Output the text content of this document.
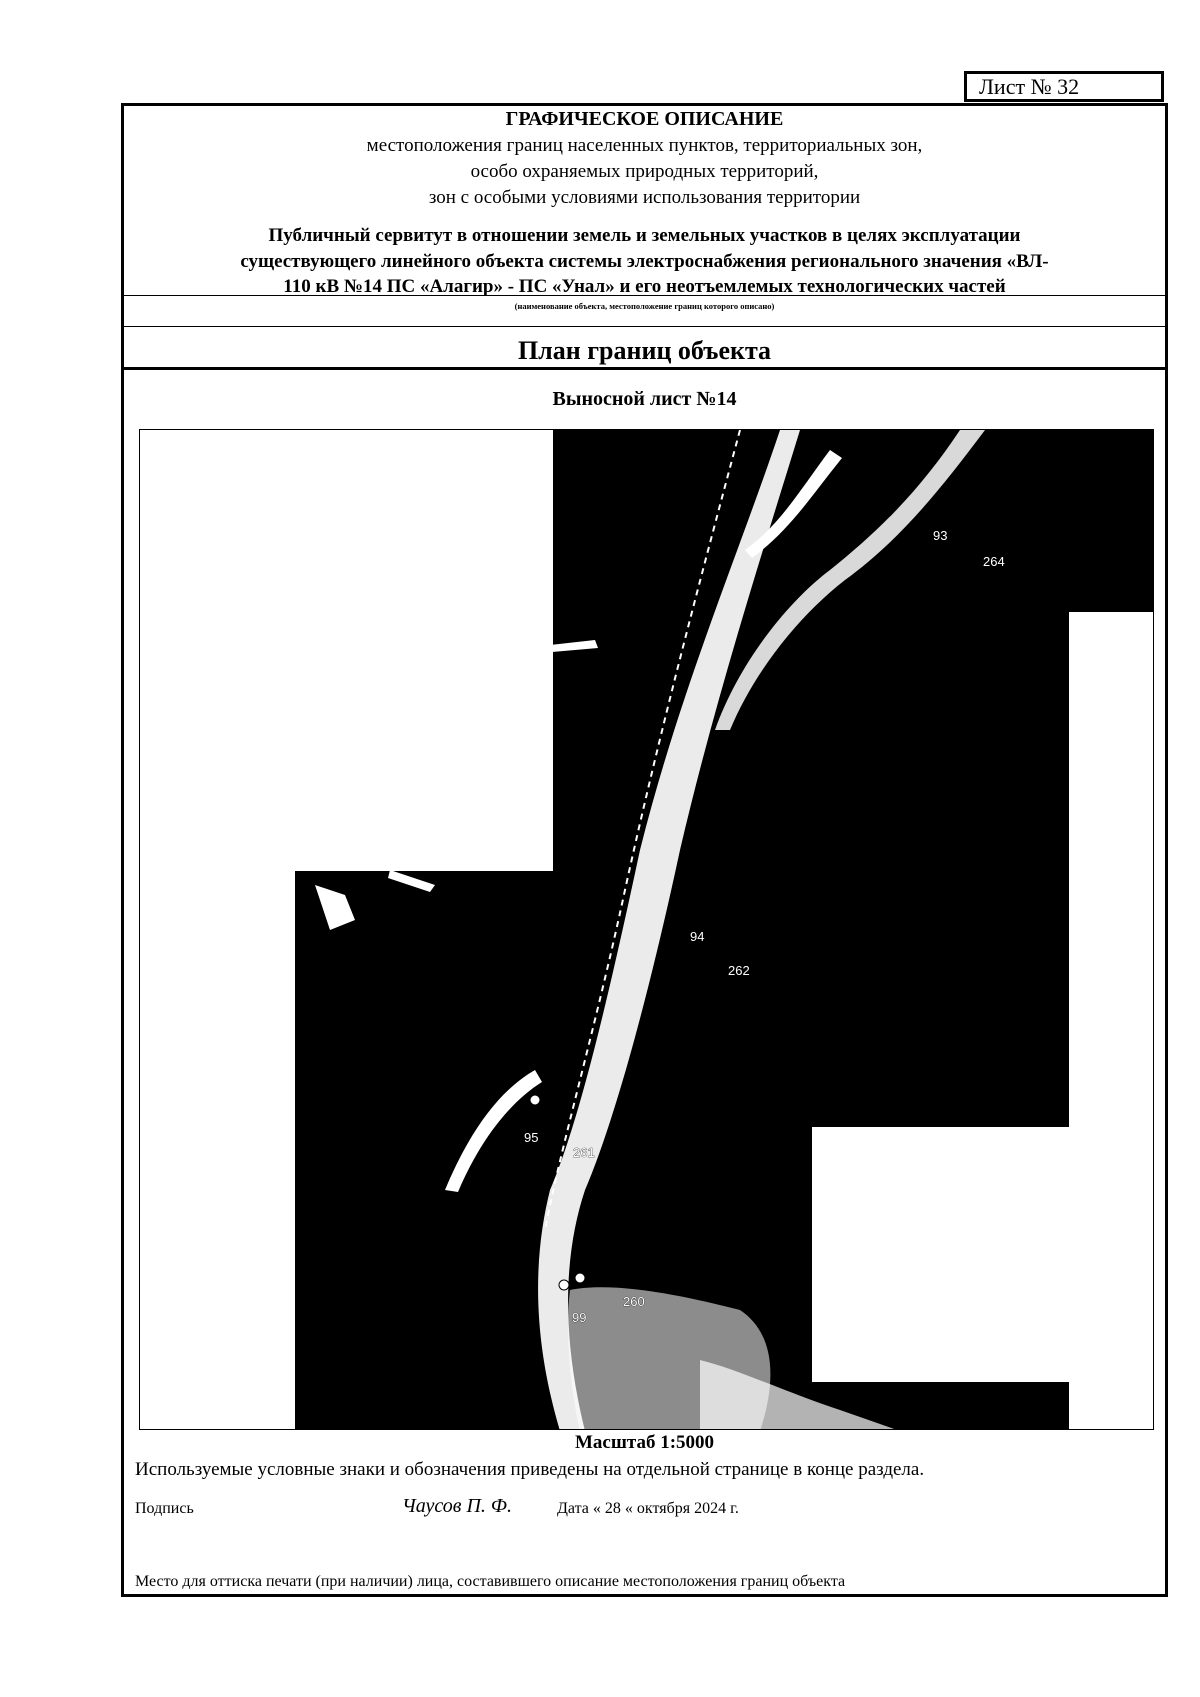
Лист № 32
ГРАФИЧЕСКОЕ ОПИСАНИЕ
местоположения границ населенных пунктов, территориальных зон,
особо охраняемых природных территорий,
зон с особыми условиями использования территории
Публичный сервитут в отношении земель и земельных участков в целях эксплуатации
существующего линейного объекта системы электроснабжения регионального значения «ВЛ-
110 кВ №14 ПС «Алагир» - ПС «Унал» и его неотъемлемых технологических частей
(наименование объекта, местоположение границ которого описано)
План границ объекта
Выносной лист №14
93
264
94
262
95
261
99
260
Масштаб 1:5000
Используемые условные знаки и обозначения приведены на отдельной странице в конце раздела.
Подпись	Чаусов П. Ф.	Дата « 28 « октября 2024 г.
Место для оттиска печати (при наличии) лица, составившего описание местоположения границ объекта
